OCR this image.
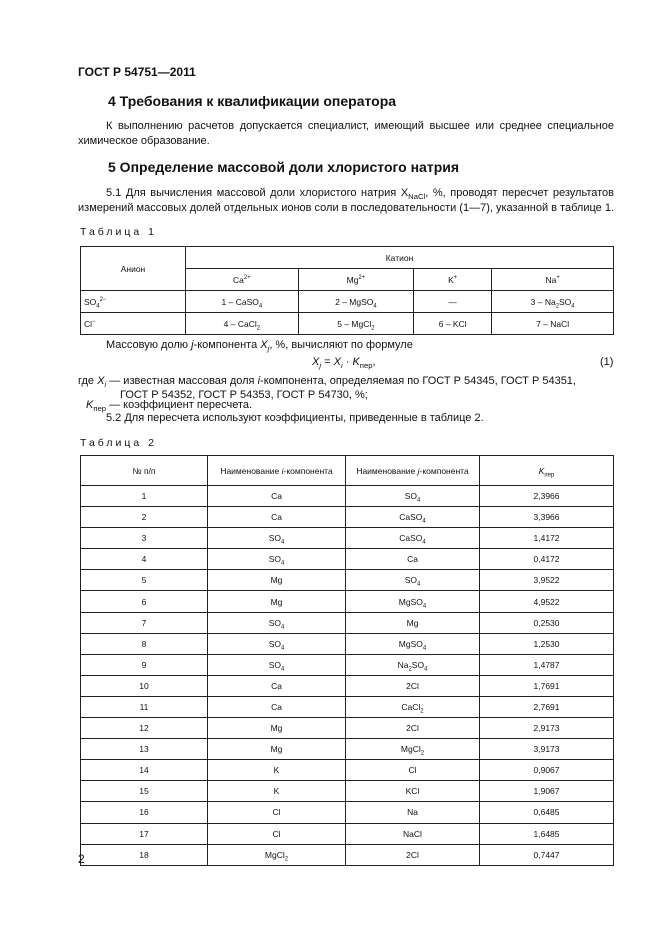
ГОСТ Р 54751—2011
4 Требования к квалификации оператора

К выполнению расчетов допускается специалист, имеющий высшее или среднее специальное химическое образование.

5 Определение массовой доли хлористого натрия

5.1 Для вычисления массовой доли хлористого натрия $X_{NaCl}$, %, проводят пересчет результатов измерений массовых долей отдельных ионов соли в последовательности (1—7), указанной в таблице 1.

Таблица 1
Анион	Катион			
	$Ca^{2+}$	$Mg^{2+}$	K+	Na+
$SO_4^{2-}$	1 – CaSO$_4$	2 – MgSO$_4$	—	$3 - Na_2SO_4$
Cl−	4 – CaCl$_2$	5 – MgCl$_2$	6 – KCl	7 – NaCl
Массовую долю j-компонента $X_j$, %, вычисляют по формуле
$X_j = X_i \cdot K_{пер}$,	(1)
где $X_i$ — известная массовая доля i-компонента, определяемая по ГОСТ Р 54345, ГОСТ Р 54351,
ГОСТ Р 54352, ГОСТ Р 54353, ГОСТ Р 54730, %;
$K_{пер}$ — коэффициент пересчета.
5.2 Для пересчета используют коэффициенты, приведенные в таблице 2.
Таблица 2
№ п/п	Наименование i-компонента	Наименование j-компонента	$K_{пер}$
1	Ca	$SO_4$	2,3966
2	Ca	CaSO$_4$	3,3966
3	$SO_4$	CaSO$_4$	1,4172
4	$SO_4$	Ca	0,4172
5	Mg	$SO_4$	3,9522
6	Mg	MgSO$_4$	4,9522
7	$SO_4$	Mg	0,2530
8	$SO_4$	MgSO$_4$	1,2530
9	$SO_4$	$Na_2SO_4$	1,4787
10	Ca	2Cl	1,7691
11	Ca	CaCl$_2$	2,7691
12	Mg	2Cl	2,9173
13	Mg	MgCl$_2$	3,9173
14	K	Cl	0,9067
15	K	KCl	1,9067
16	Cl	Na	0,6485
17	Cl	NaCl	1,6485
18	MgCl$_2$	2Cl	0,7447
2
